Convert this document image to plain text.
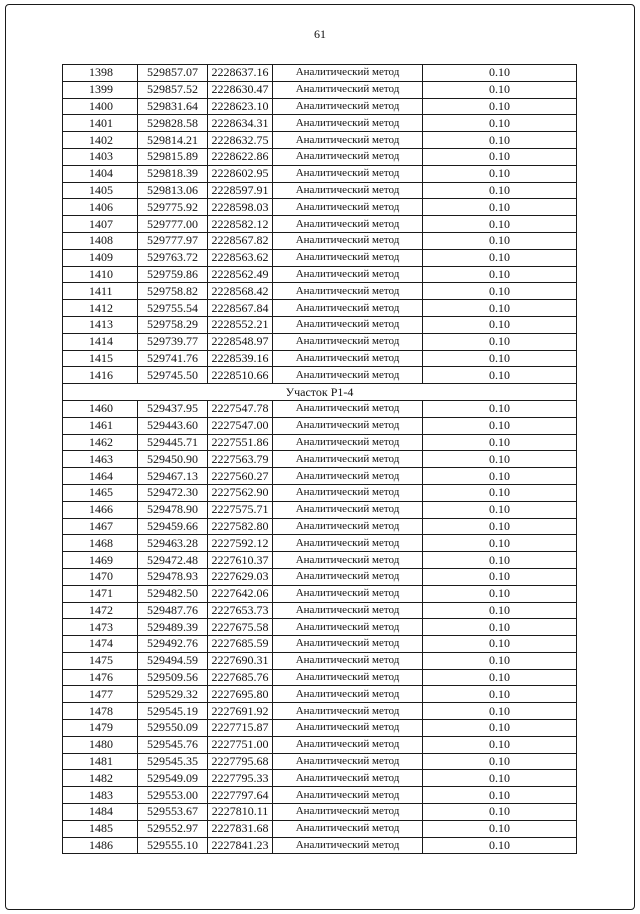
61
1398	529857.07	2228637.16	Аналитический метод	0.10
1399	529857.52	2228630.47	Аналитический метод	0.10
1400	529831.64	2228623.10	Аналитический метод	0.10
1401	529828.58	2228634.31	Аналитический метод	0.10
1402	529814.21	2228632.75	Аналитический метод	0.10
1403	529815.89	2228622.86	Аналитический метод	0.10
1404	529818.39	2228602.95	Аналитический метод	0.10
1405	529813.06	2228597.91	Аналитический метод	0.10
1406	529775.92	2228598.03	Аналитический метод	0.10
1407	529777.00	2228582.12	Аналитический метод	0.10
1408	529777.97	2228567.82	Аналитический метод	0.10
1409	529763.72	2228563.62	Аналитический метод	0.10
1410	529759.86	2228562.49	Аналитический метод	0.10
1411	529758.82	2228568.42	Аналитический метод	0.10
1412	529755.54	2228567.84	Аналитический метод	0.10
1413	529758.29	2228552.21	Аналитический метод	0.10
1414	529739.77	2228548.97	Аналитический метод	0.10
1415	529741.76	2228539.16	Аналитический метод	0.10
1416	529745.50	2228510.66	Аналитический метод	0.10
Участок P1-4				
1460	529437.95	2227547.78	Аналитический метод	0.10
1461	529443.60	2227547.00	Аналитический метод	0.10
1462	529445.71	2227551.86	Аналитический метод	0.10
1463	529450.90	2227563.79	Аналитический метод	0.10
1464	529467.13	2227560.27	Аналитический метод	0.10
1465	529472.30	2227562.90	Аналитический метод	0.10
1466	529478.90	2227575.71	Аналитический метод	0.10
1467	529459.66	2227582.80	Аналитический метод	0.10
1468	529463.28	2227592.12	Аналитический метод	0.10
1469	529472.48	2227610.37	Аналитический метод	0.10
1470	529478.93	2227629.03	Аналитический метод	0.10
1471	529482.50	2227642.06	Аналитический метод	0.10
1472	529487.76	2227653.73	Аналитический метод	0.10
1473	529489.39	2227675.58	Аналитический метод	0.10
1474	529492.76	2227685.59	Аналитический метод	0.10
1475	529494.59	2227690.31	Аналитический метод	0.10
1476	529509.56	2227685.76	Аналитический метод	0.10
1477	529529.32	2227695.80	Аналитический метод	0.10
1478	529545.19	2227691.92	Аналитический метод	0.10
1479	529550.09	2227715.87	Аналитический метод	0.10
1480	529545.76	2227751.00	Аналитический метод	0.10
1481	529545.35	2227795.68	Аналитический метод	0.10
1482	529549.09	2227795.33	Аналитический метод	0.10
1483	529553.00	2227797.64	Аналитический метод	0.10
1484	529553.67	2227810.11	Аналитический метод	0.10
1485	529552.97	2227831.68	Аналитический метод	0.10
1486	529555.10	2227841.23	Аналитический метод	0.10
